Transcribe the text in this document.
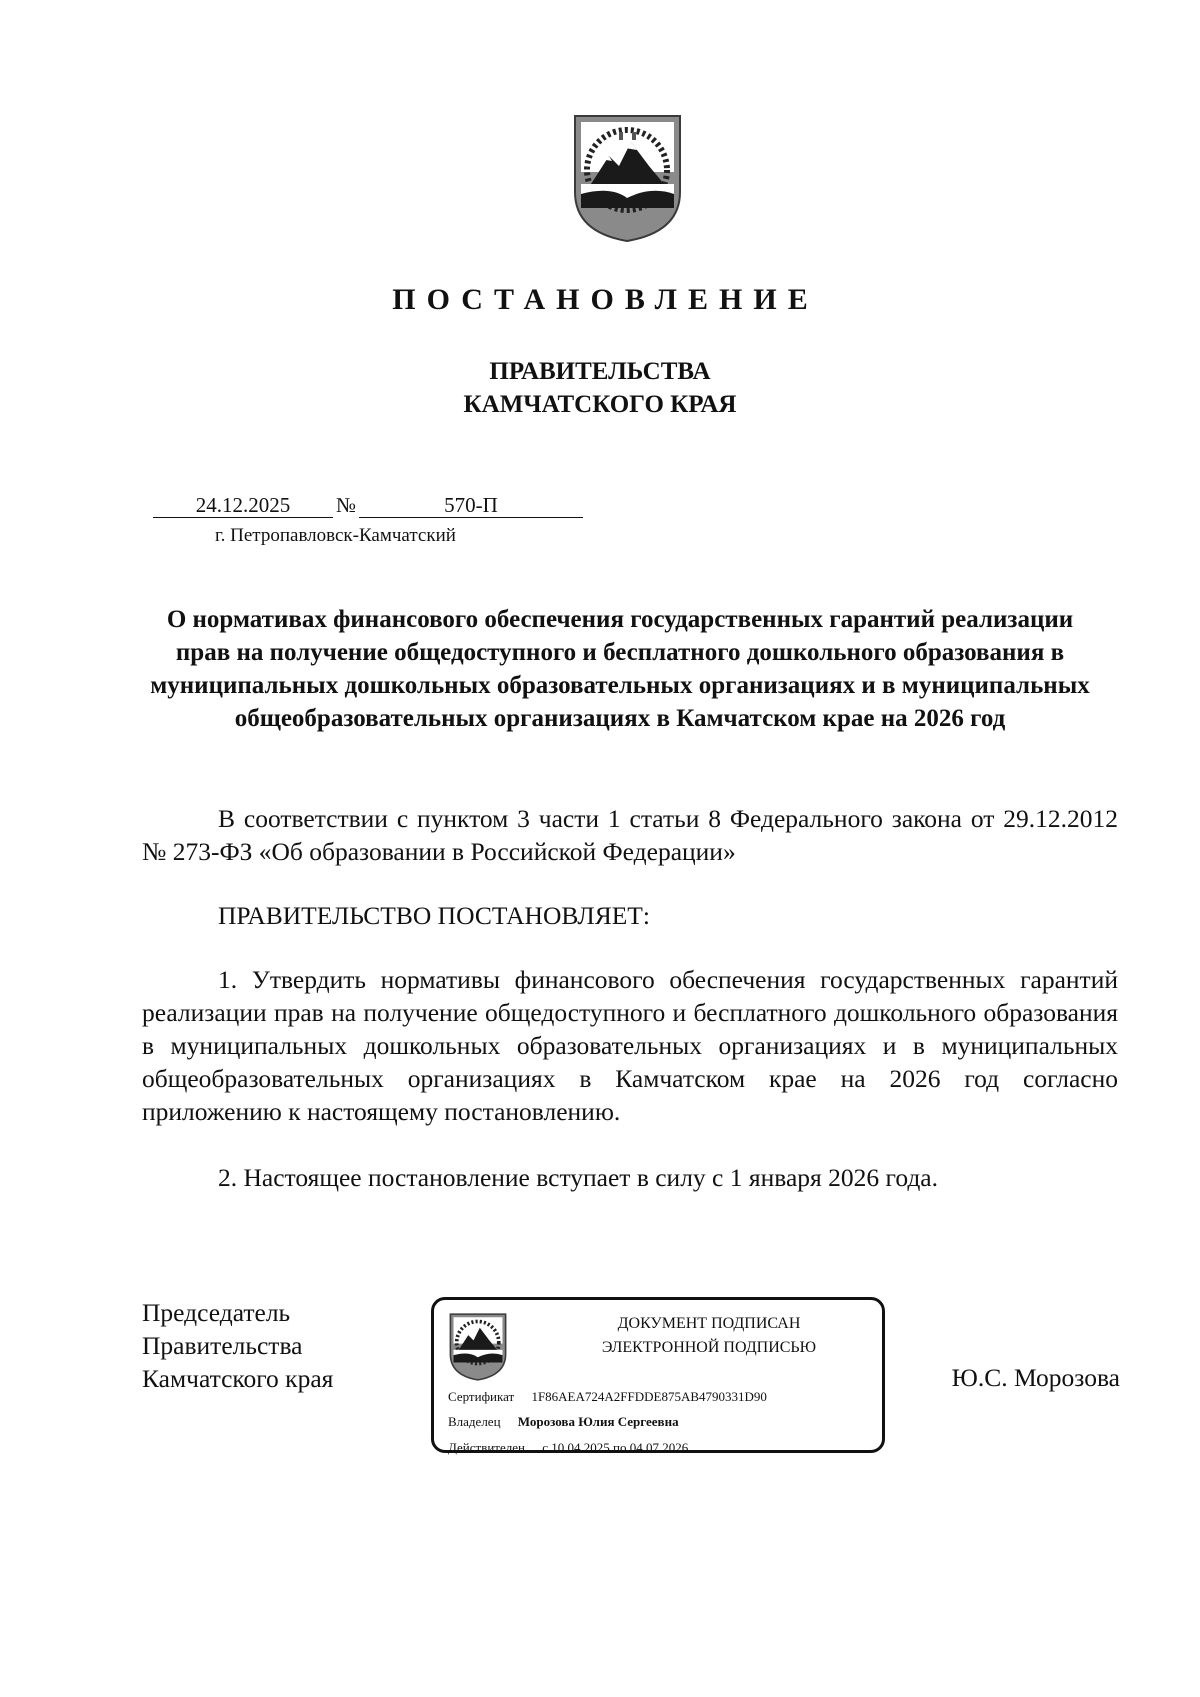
ПОСТАНОВЛЕНИЕ
ПРАВИТЕЛЬСТВА
КАМЧАТСКОГО КРАЯ
24.12.2025	№	570-П
г. Петропавловск-Камчатский
О нормативах финансового обеспечения государственных гарантий реализации прав на получение общедоступного и бесплатного дошкольного образования в муниципальных дошкольных образовательных организациях и в муниципальных общеобразовательных организациях в Камчатском крае на 2026 год
В соответствии с пунктом 3 части 1 статьи 8 Федерального закона от 29.12.2012 № 273-ФЗ «Об образовании в Российской Федерации»
ПРАВИТЕЛЬСТВО ПОСТАНОВЛЯЕТ:
1. Утвердить нормативы финансового обеспечения государственных гарантий реализации прав на получение общедоступного и бесплатного дошкольного образования в муниципальных дошкольных образовательных организациях и в муниципальных общеобразовательных организациях в Камчатском крае на 2026 год согласно приложению к настоящему постановлению.
2. Настоящее постановление вступает в силу с 1 января 2026 года.
Председатель
Правительства
Камчатского края
ДОКУМЕНТ ПОДПИСАН
ЭЛЕКТРОННОЙ ПОДПИСЬЮ
Сертификат 1F86AEA724A2FFDDE875AB4790331D90
Владелец Морозова Юлия Сергеевна
Действителен с 10.04.2025 по 04.07.2026
Ю.С. Морозова
